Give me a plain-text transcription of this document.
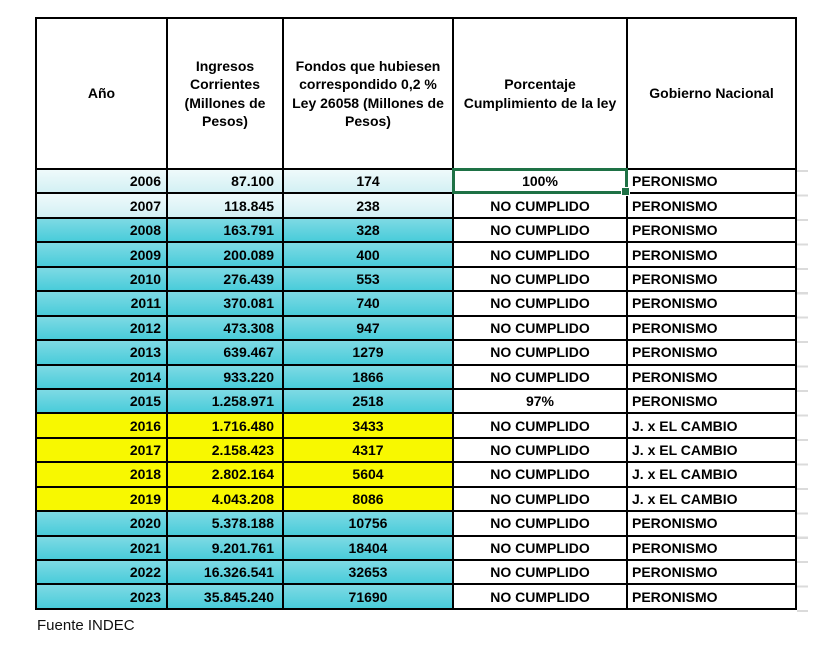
Año	Ingresos Corrientes (Millones de Pesos)	Fondos que hubiesen correspondido 0,2 % Ley 26058 (Millones de Pesos)	Porcentaje Cumplimiento de la ley	Gobierno Nacional
2006	87.100	174	100%	PERONISMO
2007	118.845	238	NO CUMPLIDO	PERONISMO
2008	163.791	328	NO CUMPLIDO	PERONISMO
2009	200.089	400	NO CUMPLIDO	PERONISMO
2010	276.439	553	NO CUMPLIDO	PERONISMO
2011	370.081	740	NO CUMPLIDO	PERONISMO
2012	473.308	947	NO CUMPLIDO	PERONISMO
2013	639.467	1279	NO CUMPLIDO	PERONISMO
2014	933.220	1866	NO CUMPLIDO	PERONISMO
2015	1.258.971	2518	97%	PERONISMO
2016	1.716.480	3433	NO CUMPLIDO	J. x EL CAMBIO
2017	2.158.423	4317	NO CUMPLIDO	J. x EL CAMBIO
2018	2.802.164	5604	NO CUMPLIDO	J. x EL CAMBIO
2019	4.043.208	8086	NO CUMPLIDO	J. x EL CAMBIO
2020	5.378.188	10756	NO CUMPLIDO	PERONISMO
2021	9.201.761	18404	NO CUMPLIDO	PERONISMO
2022	16.326.541	32653	NO CUMPLIDO	PERONISMO
2023	35.845.240	71690	NO CUMPLIDO	PERONISMO
Fuente INDEC
